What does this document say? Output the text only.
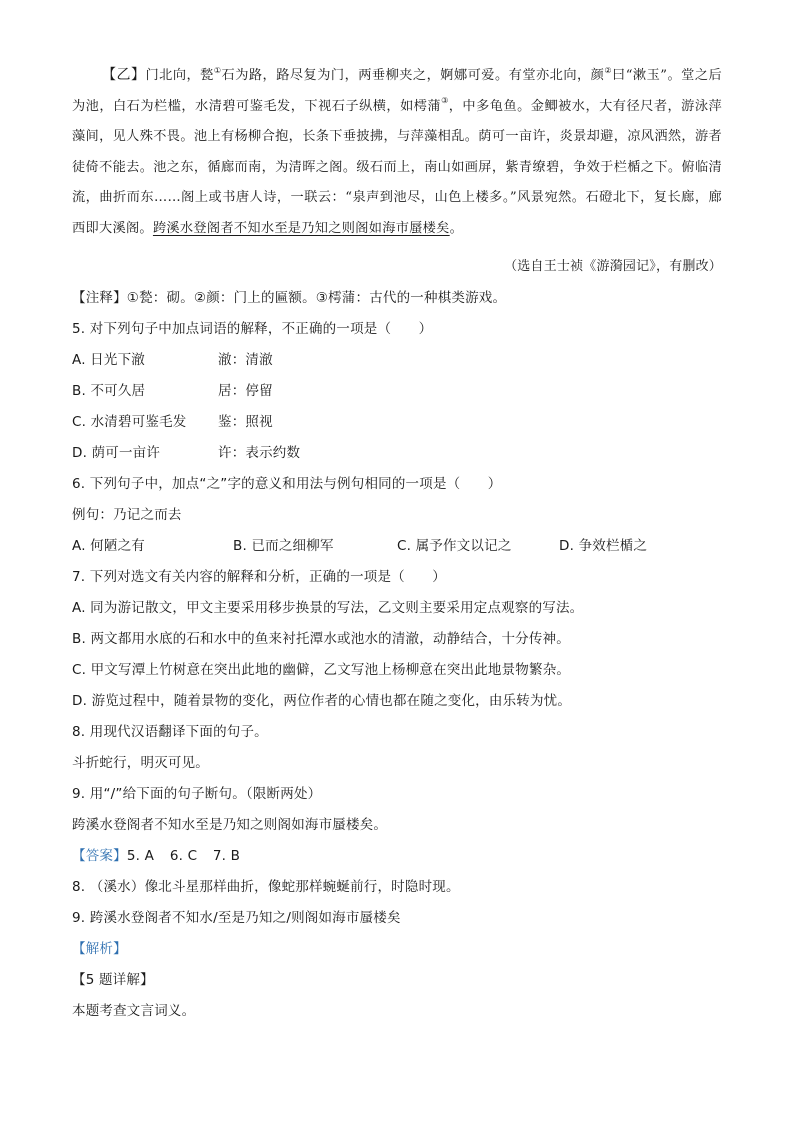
【乙】门北向，甃①石为路，路尽复为门，两垂柳夹之，婀娜可爱。有堂亦北向，颜②曰“漱玉”。堂之后为池，白石为栏槛，水清碧可鉴毛发，下视石子纵横，如樗蒲③，中多龟鱼。金鲫被水，大有径尺者，游泳萍藻间，见人殊不畏。池上有杨柳合抱，长条下垂披拂，与萍藻相乱。荫可一亩许，炎景却避，凉风洒然，游者徒倚不能去。池之东，循廊而南，为清晖之阁。级石而上，南山如画屏，紫青缭碧，争效于栏楯之下。俯临清流，曲折而东……阁上或书唐人诗，一联云：“泉声到池尽，山色上楼多。”风景宛然。石磴北下，复长廊，廊西即大溪阁。跨溪水登阁者不知水至是乃知之则阁如海市蜃楼矣。
（选自王士祯《游漪园记》，有删改）
【注释】①甃：砌。②颜：门上的匾额。③樗蒲：古代的一种棋类游戏。
5. 对下列句子中加点词语的解释，不正确的一项是（　　）
A. 日光下澈	澈：清澈
B. 不可久居	居：停留
C. 水清碧可鉴毛发 鉴：照视
D. 荫可一亩许	许：表示约数
6. 下列句子中，加点“之”字的意义和用法与例句相同的一项是（　　）
例句：乃记之而去
A. 何陋之有	B. 已而之细柳军	C. 属予作文以记之	D. 争效栏楯之
7. 下列对选文有关内容的解释和分析，正确的一项是（　　）
A. 同为游记散文，甲文主要采用移步换景的写法，乙文则主要采用定点观察的写法。
B. 两文都用水底的石和水中的鱼来衬托潭水或池水的清澈，动静结合，十分传神。
C. 甲文写潭上竹树意在突出此地的幽僻，乙文写池上杨柳意在突出此地景物繁杂。
D. 游览过程中，随着景物的变化，两位作者的心情也都在随之变化，由乐转为忧。
8. 用现代汉语翻译下面的句子。
斗折蛇行，明灭可见。
9. 用“/”给下面的句子断句。（限断两处）
跨溪水登阁者不知水至是乃知之则阁如海市蜃楼矣。
【答案】5. A 6. C 7. B
8. （溪水）像北斗星那样曲折，像蛇那样蜿蜒前行，时隐时现。
9. 跨溪水登阁者不知水/至是乃知之/则阁如海市蜃楼矣
【解析】
【5 题详解】
本题考查文言词义。
